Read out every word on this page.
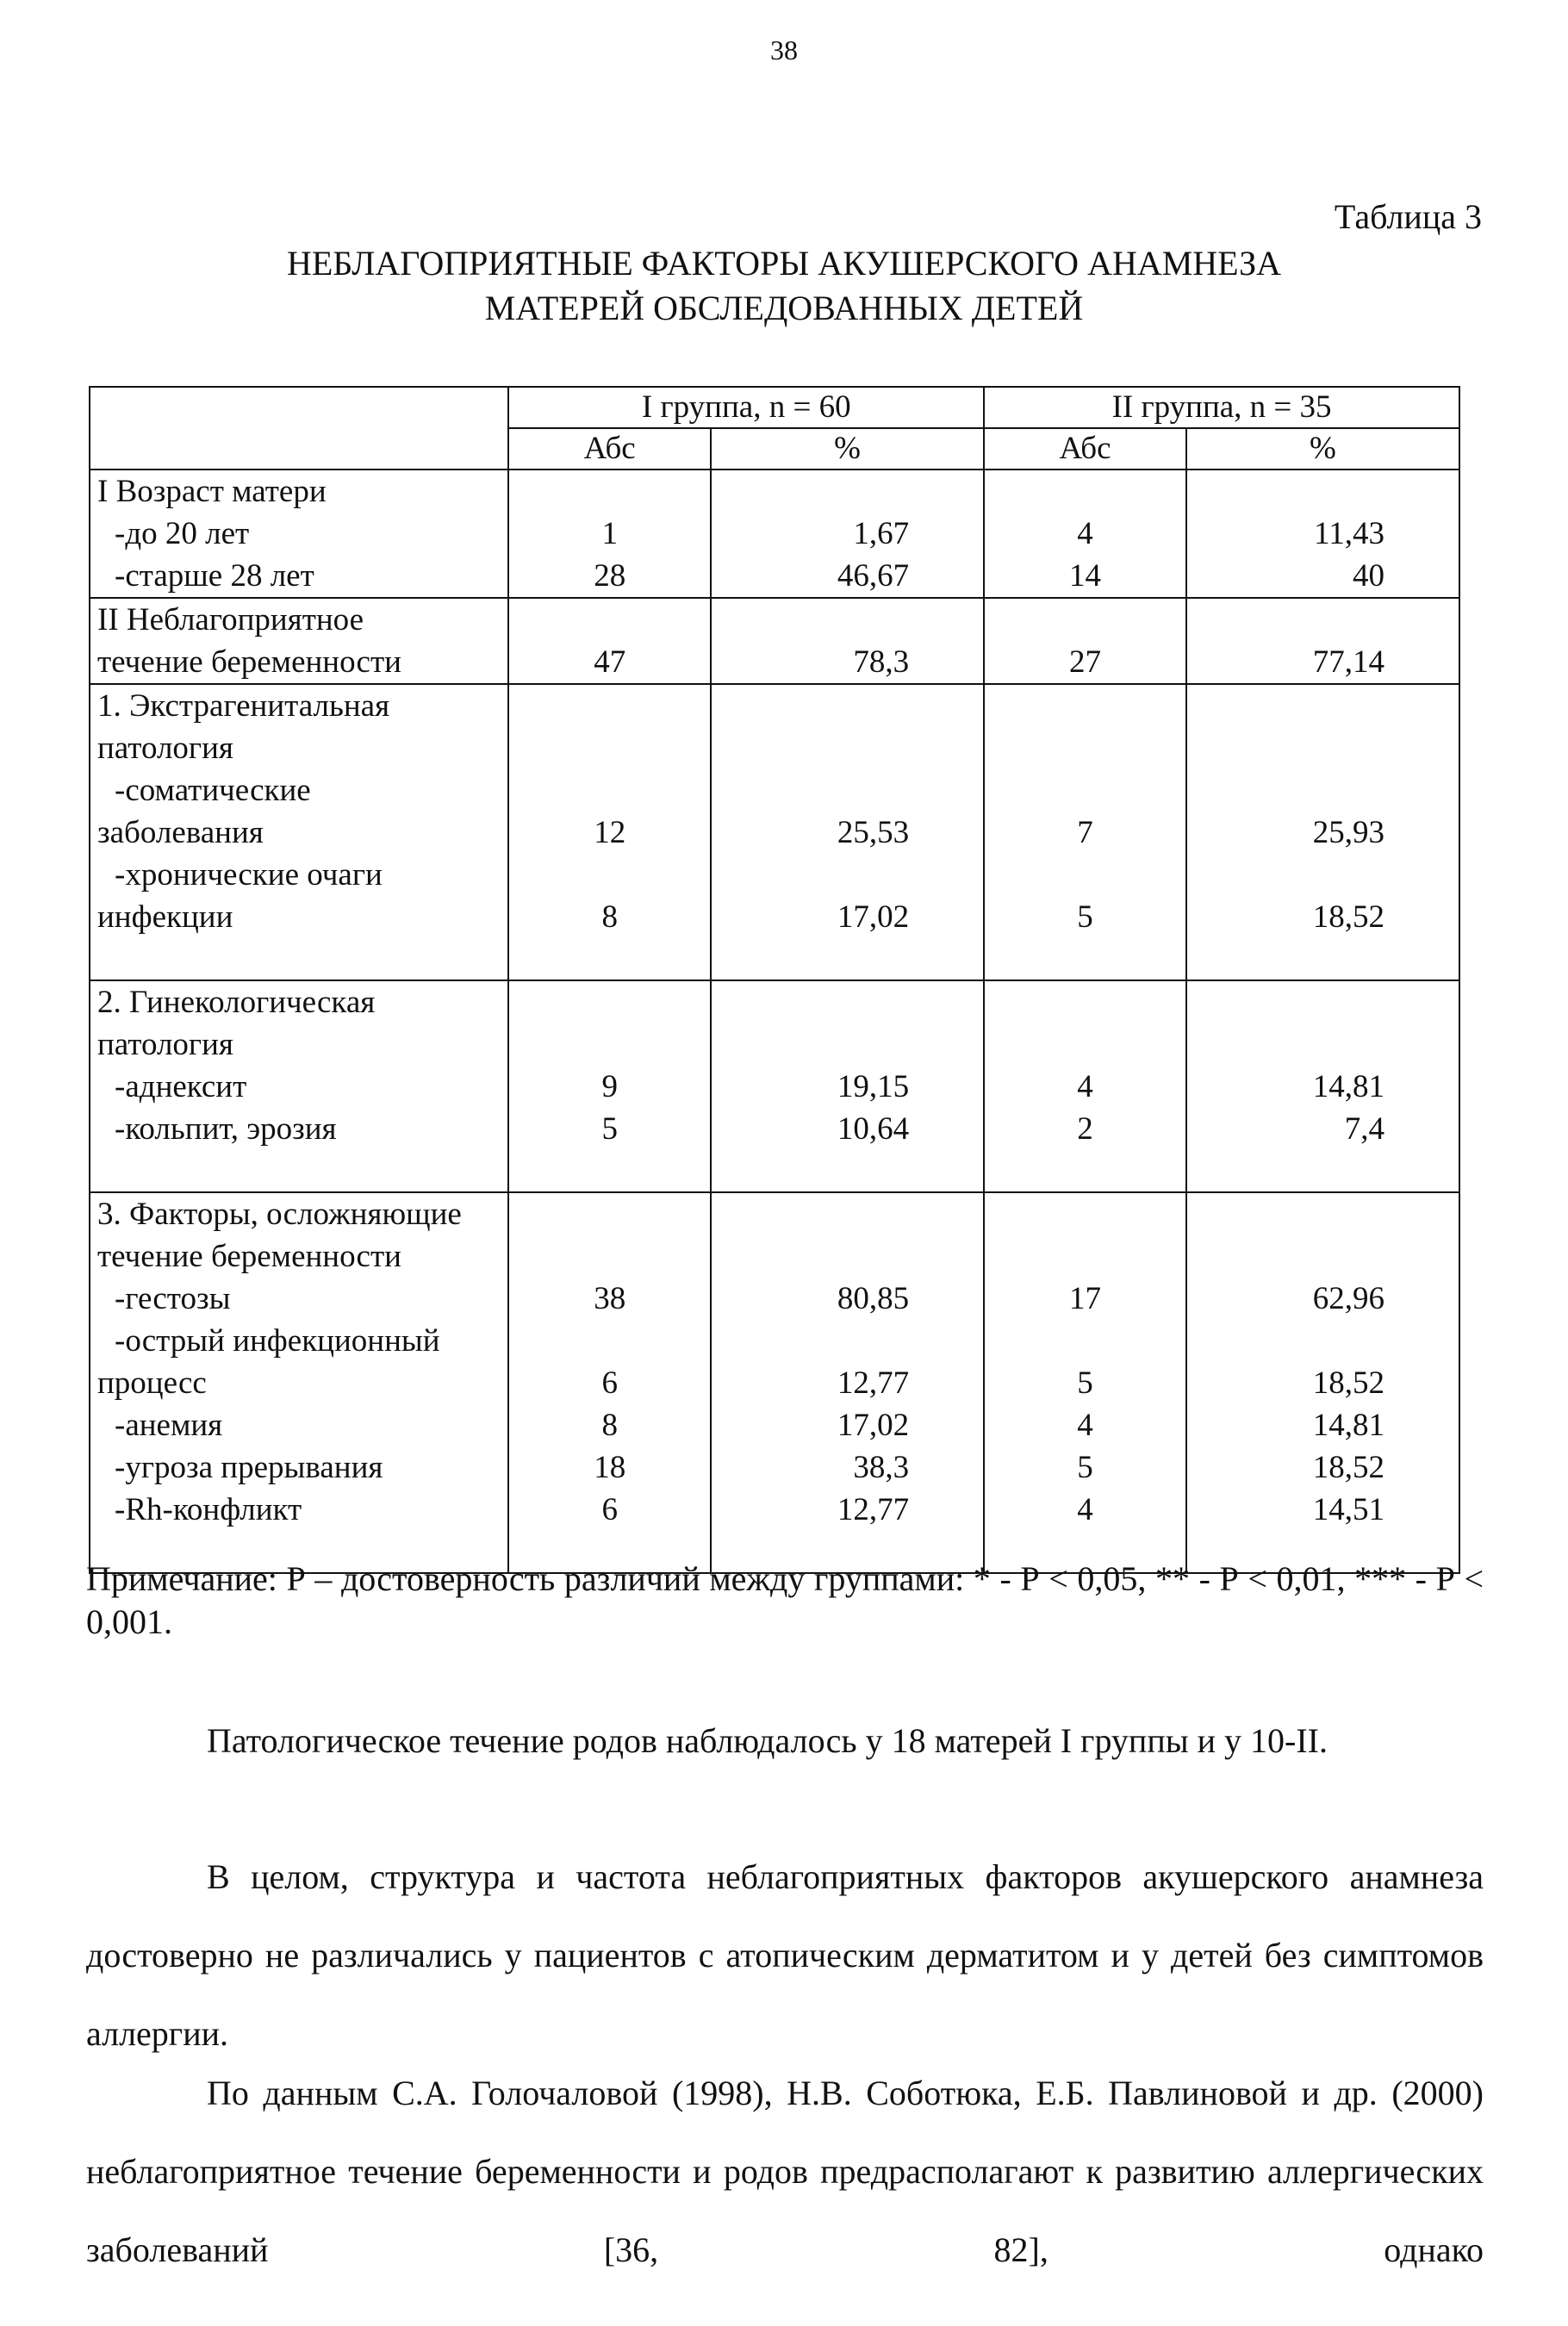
38
Таблица 3
НЕБЛАГОПРИЯТНЫЕ ФАКТОРЫ АКУШЕРСКОГО АНАМНЕЗА
МАТЕРЕЙ ОБСЛЕДОВАННЫХ ДЕТЕЙ
	I группа, n = 60		II группа, n = 35	
	Абс	%	Абс	%
I Возраст матери				
-до 20 лет	1	1,67	4	11,43
-старше 28 лет	28	46,67	14	40
II Неблагоприятное				
течение беременности	47	78,3	27	77,14
1. Экстрагенитальная				
патология				
-соматические				
заболевания	12	25,53	7	25,93
-хронические очаги				
инфекции	8	17,02	5	18,52

2. Гинекологическая				
патология				
-аднексит	9	19,15	4	14,81
-кольпит, эрозия	5	10,64	2	7,4

3. Факторы, осложняющие				
течение беременности				
-гестозы	38	80,85	17	62,96
-острый инфекционный				
процесс	6	12,77	5	18,52
-анемия	8	17,02	4	14,81
-угроза прерывания	18	38,3	5	18,52
-Rh-конфликт	6	12,77	4	14,51

Примечание: Р – достоверность различий между группами: * - Р < 0,05, ** - Р < 0,01, *** - Р < 0,001.
Патологическое течение родов наблюдалось у 18 матерей I группы и у 10-II.
В целом, структура и частота неблагоприятных факторов акушерского анамнеза достоверно не различались у пациентов с атопическим дерматитом и у детей без симптомов аллергии.
По данным С.А. Голочаловой (1998), Н.В. Соботюка, Е.Б. Павлиновой и др. (2000) неблагоприятное течение беременности и родов предрасполагают к развитию аллергических заболеваний [36, 82], однако
